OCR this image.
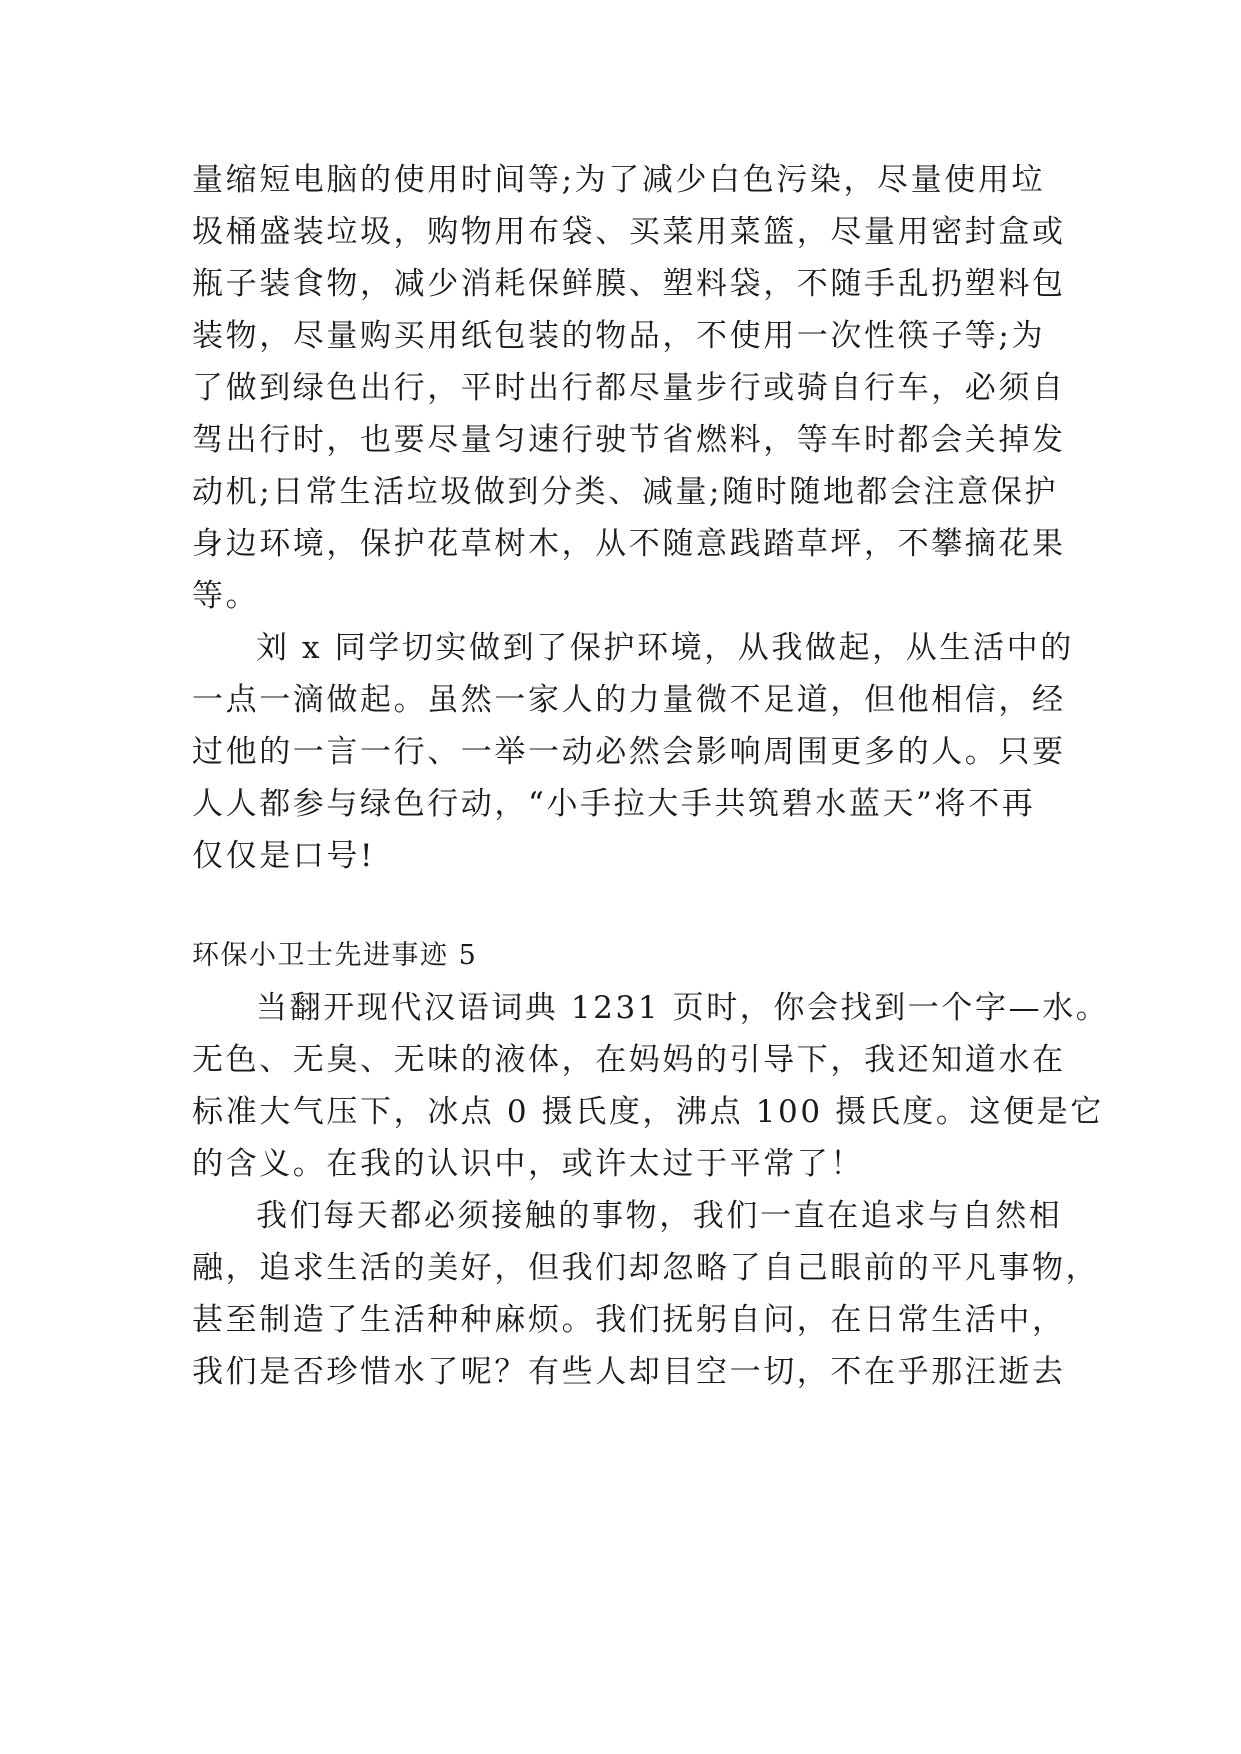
量缩短电脑的使用时间等;为了减少白色污染，尽量使用垃
圾桶盛装垃圾，购物用布袋、买菜用菜篮，尽量用密封盒或
瓶子装食物，减少消耗保鲜膜、塑料袋，不随手乱扔塑料包
装物，尽量购买用纸包装的物品，不使用一次性筷子等;为
了做到绿色出行，平时出行都尽量步行或骑自行车，必须自
驾出行时，也要尽量匀速行驶节省燃料，等车时都会关掉发
动机;日常生活垃圾做到分类、减量;随时随地都会注意保护
身边环境，保护花草树木，从不随意践踏草坪，不攀摘花果
等。
刘 x 同学切实做到了保护环境，从我做起，从生活中的
一点一滴做起。虽然一家人的力量微不足道，但他相信，经
过他的一言一行、一举一动必然会影响周围更多的人。只要
人人都参与绿色行动，“小手拉大手共筑碧水蓝天”将不再
仅仅是口号!
环保小卫士先进事迹 5
当翻开现代汉语词典 1231 页时，你会找到一个字—水。
无色、无臭、无味的液体，在妈妈的引导下，我还知道水在
标准大气压下，冰点 0 摄氏度，沸点 100 摄氏度。这便是它
的含义。在我的认识中，或许太过于平常了！
我们每天都必须接触的事物，我们一直在追求与自然相
融，追求生活的美好，但我们却忽略了自己眼前的平凡事物，
甚至制造了生活种种麻烦。我们抚躬自问，在日常生活中，
我们是否珍惜水了呢？有些人却目空一切，不在乎那汪逝去
